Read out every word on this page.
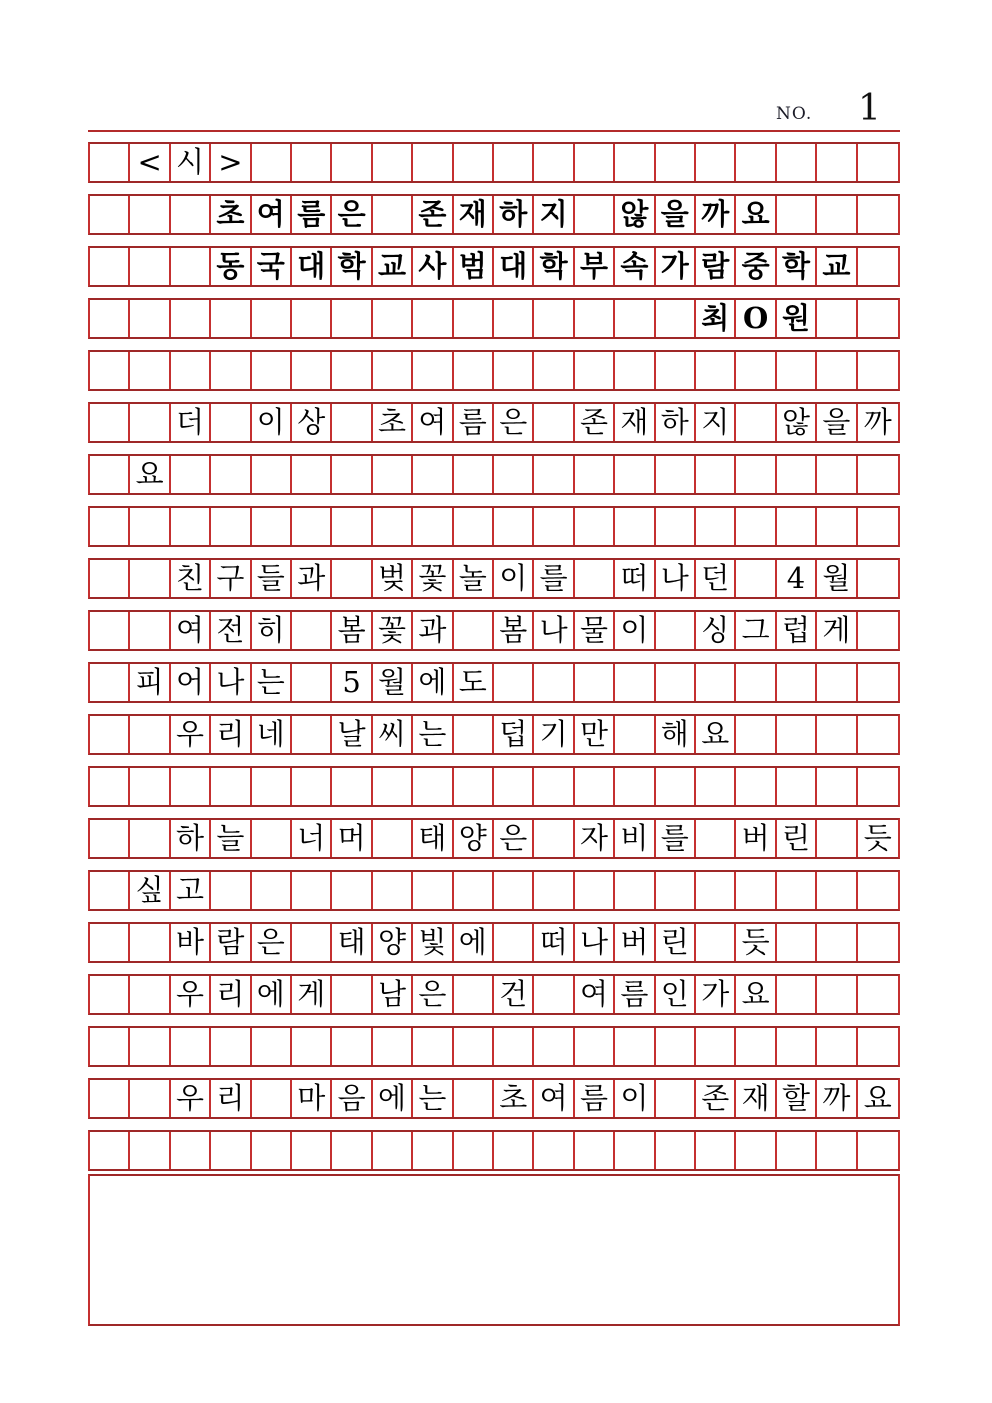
NO. 1
< 시 >
초 여 름 은 존 재 하 지 않 을 까 요
동 국 대 학 교 사 범 대 학 부 속 가 람 중 학 교
최 O 원
더 이 상 초 여 름 은 존 재 하 지 않 을 까
요
친 구 들 과 벚 꽃 놀 이 를 떠 나 던	4 월
여 전 히 봄 꽃 과 봄 나 물 이 싱 그 럽 게
피 어 나 는	5 월 에 도
우 리 네 날 씨 는 덥 기 만 해 요
하 늘 너 머 태 양 은 자 비 를 버 린 듯
싶 고
바 람 은 태 양 빛 에 떠 나 버 린 듯
우 리 에 게 남 은 건 여 름 인 가 요
우 리 마 음 에 는 초 여 름 이 존 재 할 까 요
